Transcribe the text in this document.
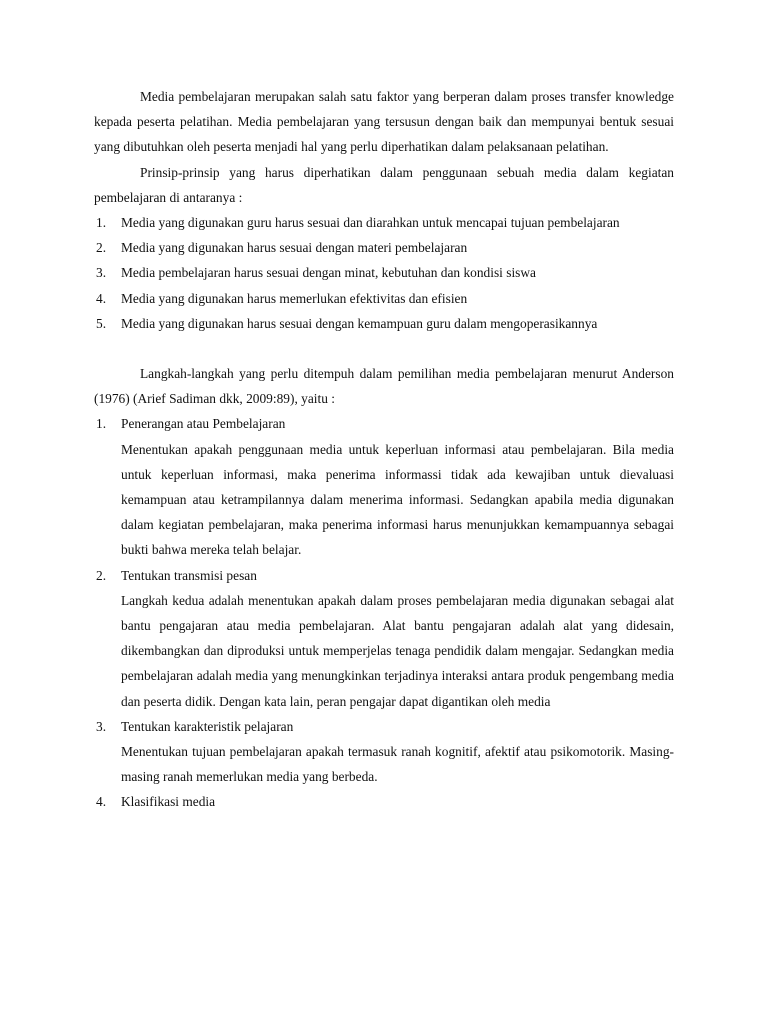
Media pembelajaran merupakan salah satu faktor yang berperan dalam proses transfer knowledge kepada peserta pelatihan. Media pembelajaran yang tersusun dengan baik dan mempunyai bentuk sesuai yang dibutuhkan oleh peserta menjadi hal yang perlu diperhatikan dalam pelaksanaan pelatihan.

Prinsip-prinsip yang harus diperhatikan dalam penggunaan sebuah media dalam kegiatan pembelajaran di antaranya :

1. Media yang digunakan guru harus sesuai dan diarahkan untuk mencapai tujuan pembelajaran
2. Media yang digunakan harus sesuai dengan materi pembelajaran
3. Media pembelajaran harus sesuai dengan minat, kebutuhan dan kondisi siswa
4. Media yang digunakan harus memerlukan efektivitas dan efisien
5. Media yang digunakan harus sesuai dengan kemampuan guru dalam mengoperasikannya

Langkah-langkah yang perlu ditempuh dalam pemilihan media pembelajaran menurut Anderson (1976) (Arief Sadiman dkk, 2009:89), yaitu :

1. Penerangan atau Pembelajaran
Menentukan apakah penggunaan media untuk keperluan informasi atau pembelajaran. Bila media untuk keperluan informasi, maka penerima informassi tidak ada kewajiban untuk dievaluasi kemampuan atau ketrampilannya dalam menerima informasi. Sedangkan apabila media digunakan dalam kegiatan pembelajaran, maka penerima informasi harus menunjukkan kemampuannya sebagai bukti bahwa mereka telah belajar.
2. Tentukan transmisi pesan
Langkah kedua adalah menentukan apakah dalam proses pembelajaran media digunakan sebagai alat bantu pengajaran atau media pembelajaran. Alat bantu pengajaran adalah alat yang didesain, dikembangkan dan diproduksi untuk memperjelas tenaga pendidik dalam mengajar. Sedangkan media pembelajaran adalah media yang menungkinkan terjadinya interaksi antara produk pengembang media dan peserta didik. Dengan kata lain, peran pengajar dapat digantikan oleh media
3. Tentukan karakteristik pelajaran
Menentukan tujuan pembelajaran apakah termasuk ranah kognitif, afektif atau psikomotorik. Masing-masing ranah memerlukan media yang berbeda.
4. Klasifikasi media
